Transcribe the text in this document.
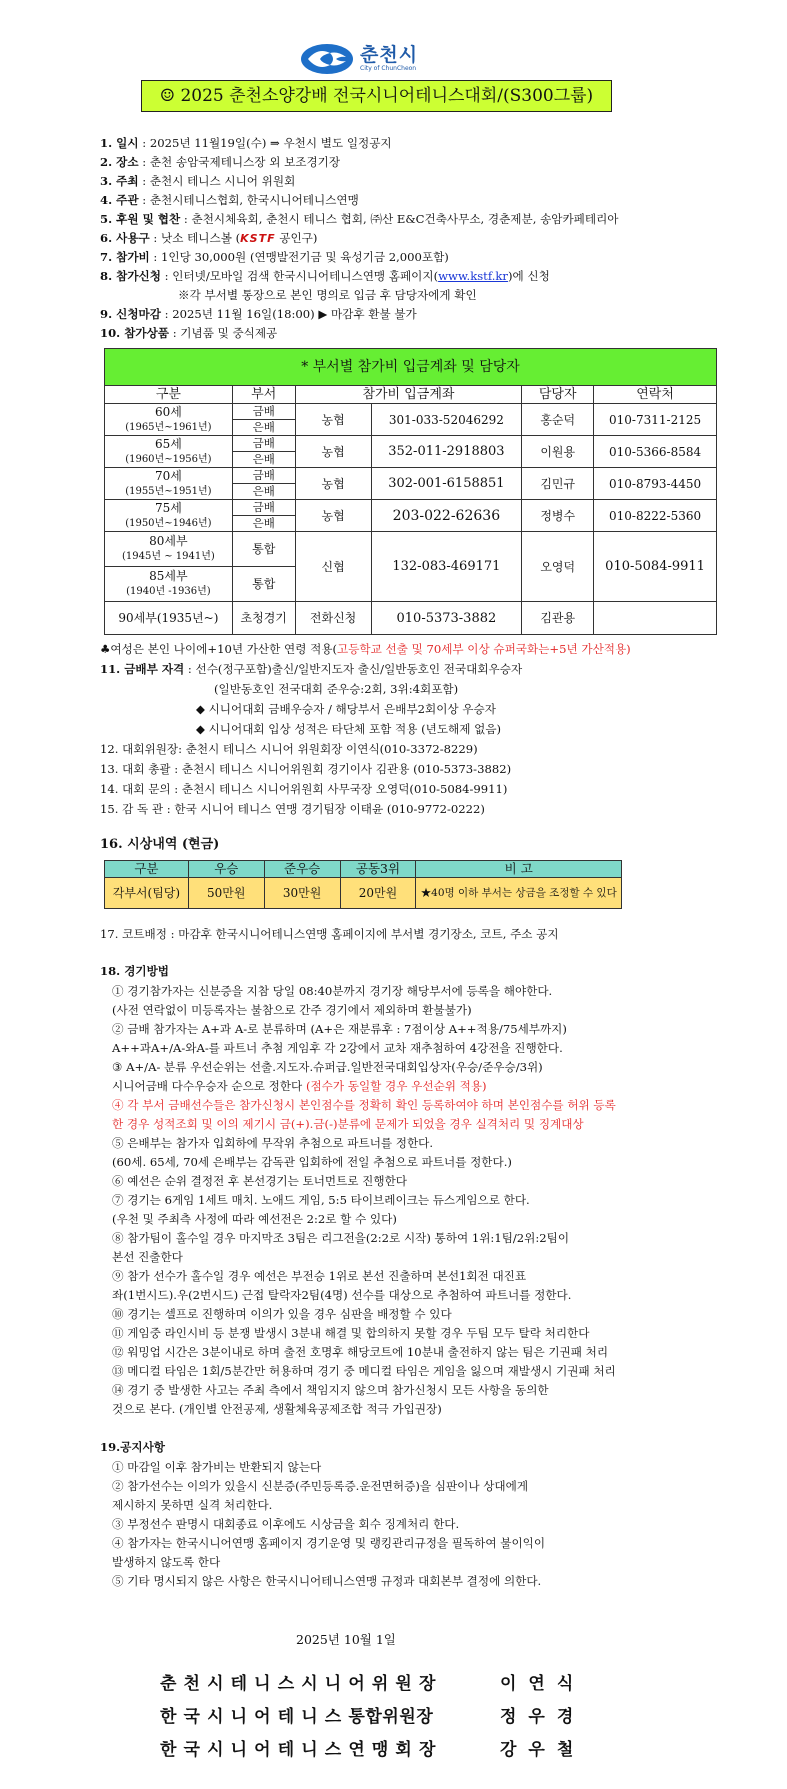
춘천시
City of ChunCheon
☺ 2025 춘천소양강배 전국시니어테니스대회/(S300그룹)
1. 일시 : 2025년 11월19일(수) ⇒ 우천시 별도 일정공지
2. 장소 : 춘천 송암국제테니스장 외 보조경기장
3. 주최 : 춘천시 테니스 시니어 위원회
4. 주관 : 춘천시테니스협회, 한국시니어테니스연맹
5. 후원 및 협찬 : 춘천시체육회, 춘천시 테니스 협회, ㈜산 E&C건축사무소, 경춘제분, 송암카페테리아
6. 사용구 : 낫소 테니스볼 (KSTF 공인구)
7. 참가비 : 1인당 30,000원 (연맹발전기금 및 육성기금 2,000포함)
8. 참가신청 : 인터넷/모바일 검색 한국시니어테니스연맹 홈페이지(www.kstf.kr)에 신청
※각 부서별 통장으로 본인 명의로 입금 후 담당자에게 확인
9. 신청마감 : 2025년 11월 16일(18:00) ▶ 마감후 환불 불가
10. 참가상품 : 기념품 및 중식제공
* 부서별 참가비 입금계좌 및 담당자					
구분	부서	참가비 입금계좌		담당자	연락처
60세
(1965년~1961년)	금배	농협	301-033-52046292	홍순덕	010-7311-2125
	은배				
65세
(1960년~1956년)	금배	농협	352-011-2918803	이원용	010-5366-8584
	은배				
70세
(1955년~1951년)	금배	농협	302-001-6158851	김민규	010-8793-4450
	은배				
75세
(1950년~1946년)	금배	농협	203-022-62636	정병수	010-8222-5360
	은배				
80세부
(1945년 ~ 1941년)	통합	신협	132-083-469171	오영덕	010-5084-9911
85세부
(1940년 -1936년)	통합				
90세부(1935년~)	초청경기	전화신청	010-5373-3882	김관용	
♣여성은 본인 나이에+10년 가산한 연령 적용(고등학교 선출 및 70세부 이상 슈퍼국화는+5년 가산적용)
11. 금배부 자격 : 선수(정구포함)출신/일반지도자 출신/일반동호인 전국대회우승자
(일반동호인 전국대회 준우승:2회, 3위:4회포함)
◆ 시니어대회 금배우승자 / 해당부서 은배부2회이상 우승자
◆ 시니어대회 입상 성적은 타단체 포함 적용 (년도해제 없음)
12. 대회위원장: 춘천시 테니스 시니어 위원회장 이연식(010-3372-8229)
13. 대회 총괄 : 춘천시 테니스 시니어위원회 경기이사 김관용 (010-5373-3882)
14. 대회 문의 : 춘천시 테니스 시니어위원회 사무국장 오영덕(010-5084-9911)
15. 감 독 관 : 한국 시니어 테니스 연맹 경기팀장 이태윤 (010-9772-0222)
16. 시상내역 (현금)
구분	우승	준우승	공동3위	비 고
각부서(팀당)	50만원	30만원	20만원	★40명 이하 부서는 상금을 조정할 수 있다
17. 코트배정 : 마감후 한국시니어테니스연맹 홈페이지에 부서별 경기장소, 코트, 주소 공지
18. 경기방법
① 경기참가자는 신분증을 지참 당일 08:40분까지 경기장 해당부서에 등록을 해야한다.
(사전 연락없이 미등록자는 불참으로 간주 경기에서 제외하며 환불불가)
② 금배 참가자는 A+과 A-로 분류하며 (A+은 재분류후 : 7점이상 A++적용/75세부까지)
A++과A+/A-와A-를 파트너 추첨 게임후 각 2강에서 교차 재추첨하여 4강전을 진행한다.
③ A+/A- 분류 우선순위는 선출.지도자.슈퍼급.일반전국대회입상자(우승/준우승/3위)
시니어금배 다수우승자 순으로 정한다 (점수가 동일할 경우 우선순위 적용)
④ 각 부서 금배선수들은 참가신청시 본인점수를 정확히 확인 등록하여야 하며 본인점수를 허위 등록
한 경우 성적조회 및 이의 제기시 금(+).금(-)분류에 문제가 되었을 경우 실격처리 및 징계대상
⑤ 은배부는 참가자 입회하에 무작위 추첨으로 파트너를 정한다.
(60세. 65세, 70세 은배부는 감독관 입회하에 전일 추첨으로 파트너를 정한다.)
⑥ 예선은 순위 결정전 후 본선경기는 토너먼트로 진행한다
⑦ 경기는 6게임 1세트 매치. 노애드 게임, 5:5 타이브레이크는 듀스게임으로 한다.
(우천 및 주최측 사정에 따라 예선전은 2:2로 할 수 있다)
⑧ 참가팀이 홀수일 경우 마지막조 3팀은 리그전을(2:2로 시작) 통하여 1위:1팀/2위:2팀이
본선 진출한다
⑨ 참가 선수가 홀수일 경우 예선은 부전승 1위로 본선 진출하며 본선1회전 대진표
좌(1번시드).우(2번시드) 근접 탈락자2팀(4명) 선수를 대상으로 추첨하여 파트너를 정한다.
⑩ 경기는 셀프로 진행하며 이의가 있을 경우 심판을 배정할 수 있다
⑪ 게임중 라인시비 등 분쟁 발생시 3분내 해결 및 합의하지 못할 경우 두팀 모두 탈락 처리한다
⑫ 워밍업 시간은 3분이내로 하며 출전 호명후 해당코트에 10분내 출전하지 않는 팀은 기권패 처리
⑬ 메디컬 타임은 1회/5분간만 허용하며 경기 중 메디컬 타임은 게임을 잃으며 재발생시 기권패 처리
⑭ 경기 중 발생한 사고는 주최 측에서 책임지지 않으며 참가신청시 모든 사항을 동의한
것으로 본다. (개인별 안전공제, 생활체육공제조합 적극 가입권장)
19.공지사항
① 마감일 이후 참가비는 반환되지 않는다
② 참가선수는 이의가 있을시 신분증(주민등록증.운전면허증)을 심판이나 상대에게
제시하지 못하면 실격 처리한다.
③ 부정선수 판명시 대회종료 이후에도 시상금을 회수 징계처리 한다.
④ 참가자는 한국시니어연맹 홈페이지 경기운영 및 랭킹관리규정을 필독하여 불이익이
발생하지 않도록 한다
⑤ 기타 명시되지 않은 사항은 한국시니어테니스연맹 규정과 대회본부 결정에 의한다.
2025년 10월 1일
춘 천 시 테 니 스 시 니 어 위 원 장	이연식
한 국 시 니 어 테 니 스 통합위원장	정우경
한 국 시 니 어 테 니 스 연 맹 회 장	강우철
